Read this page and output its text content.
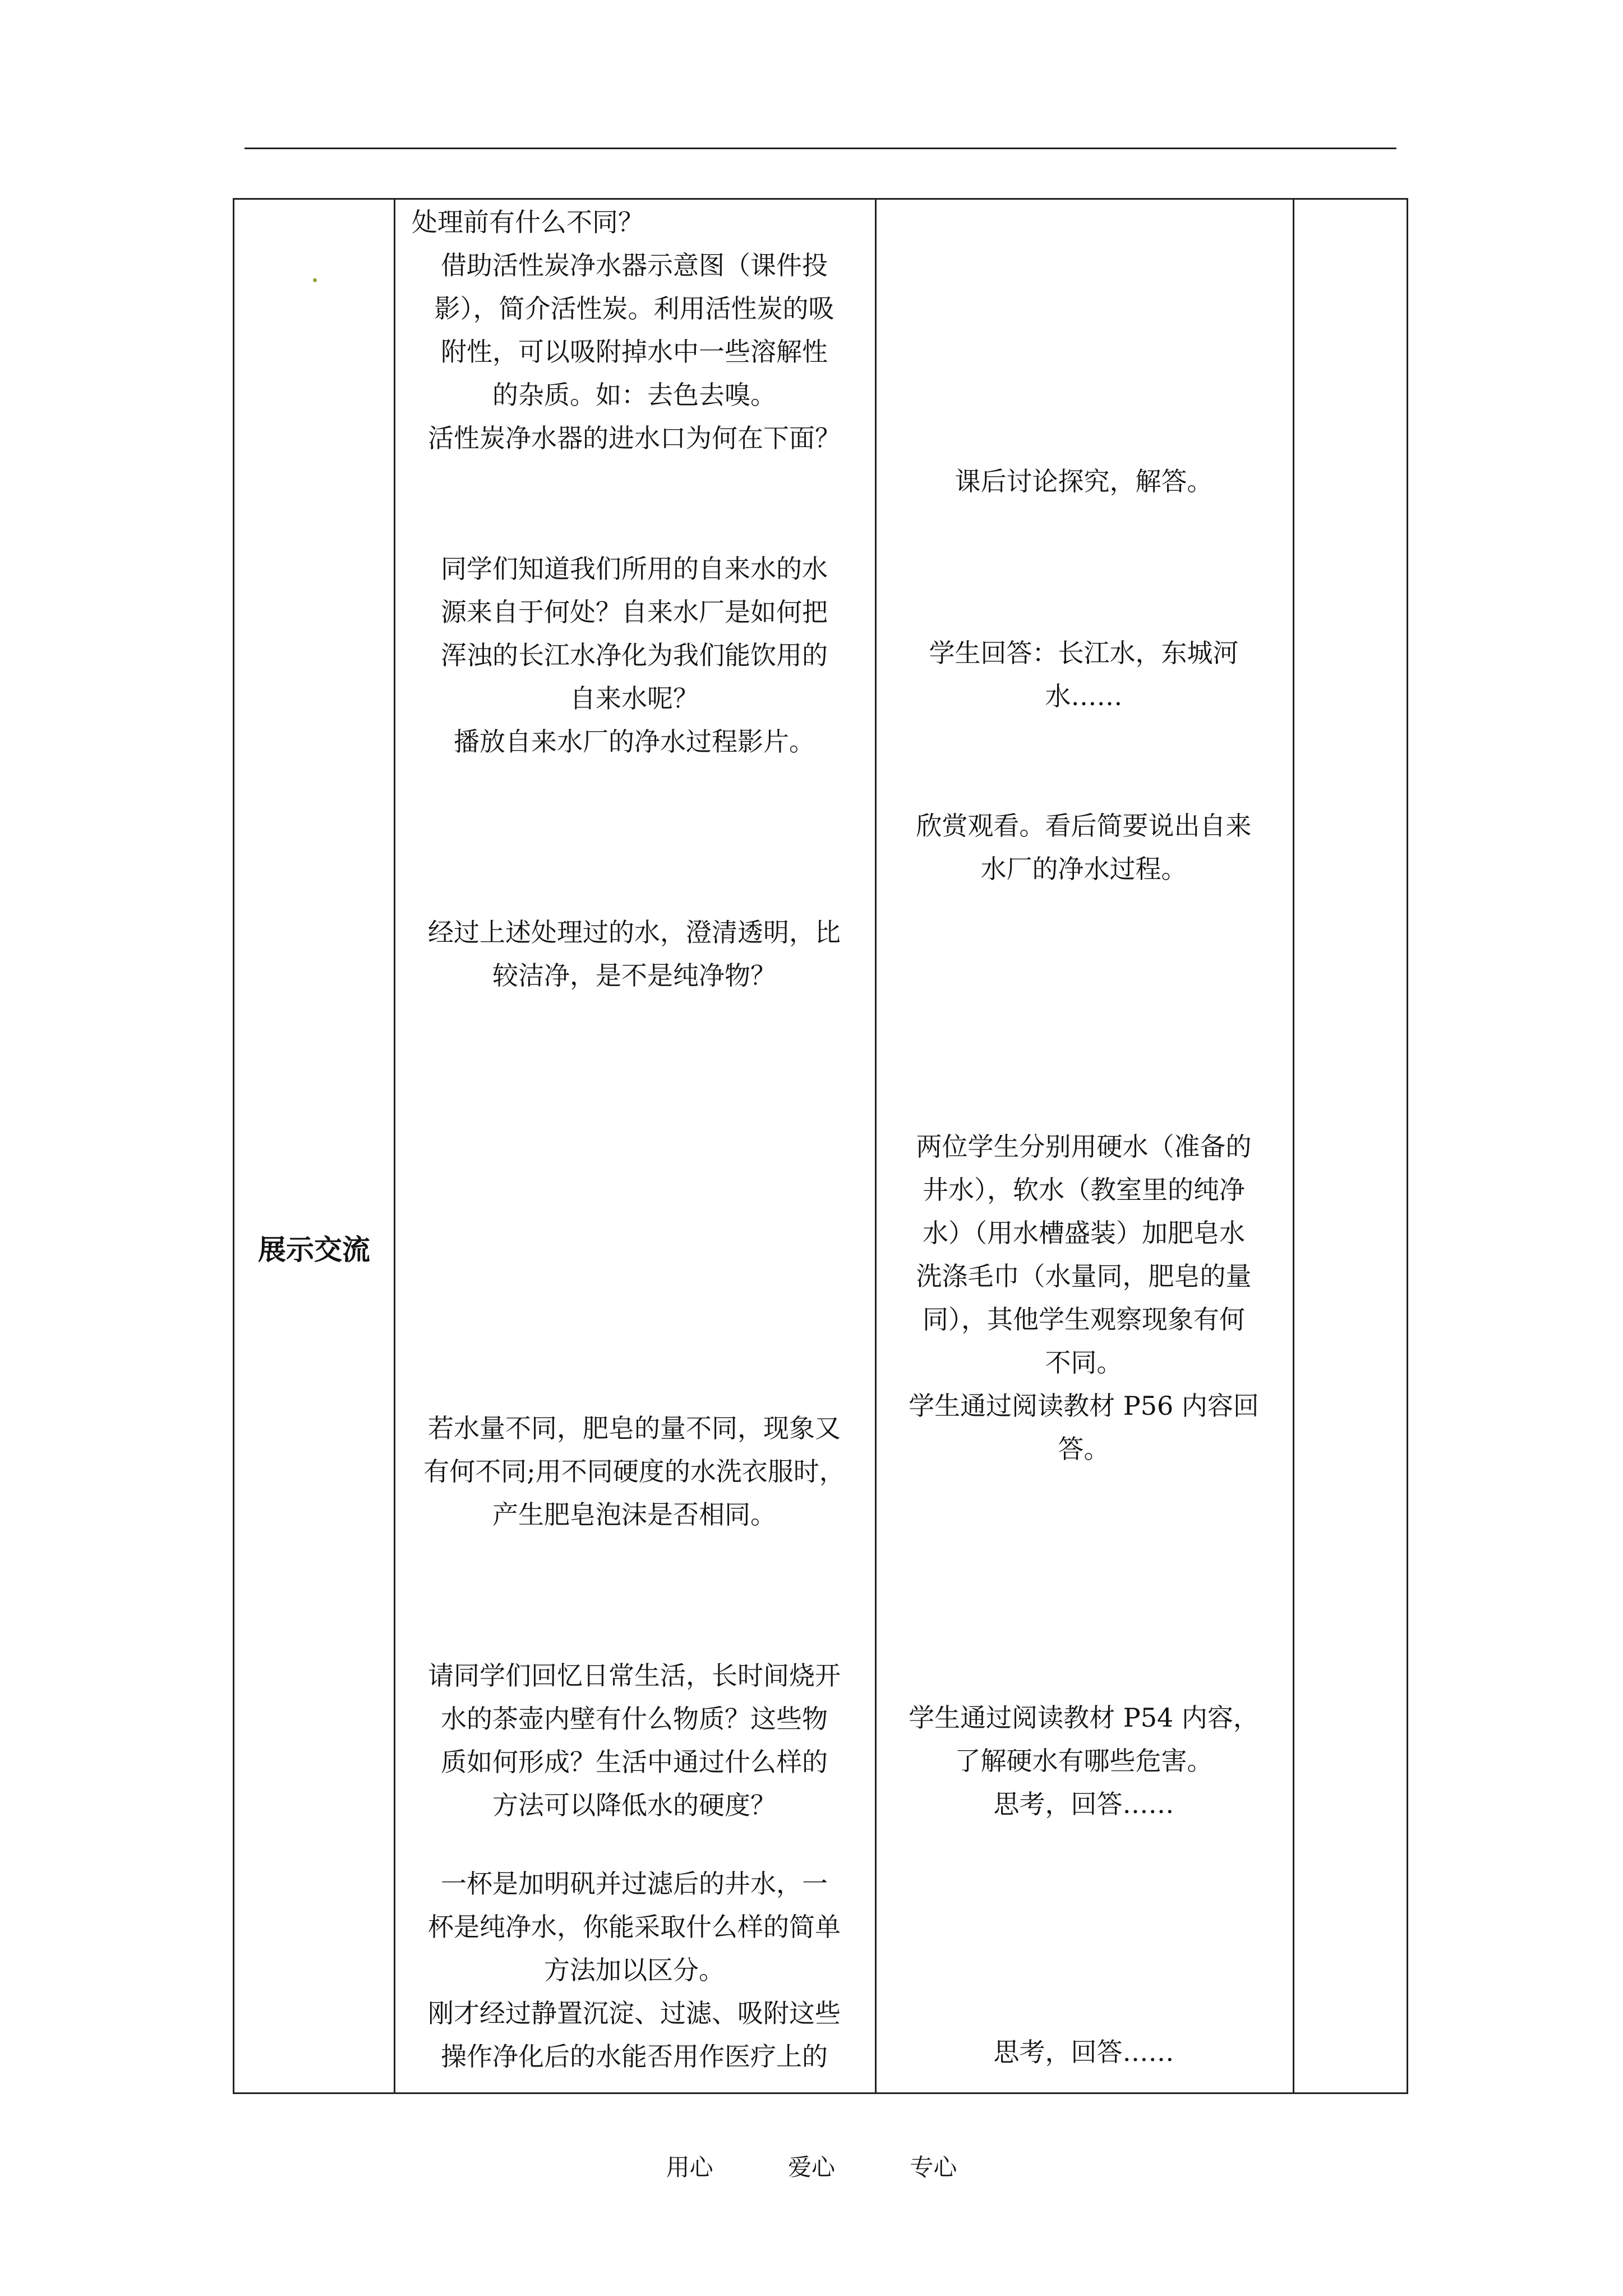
展示交流
处理前有什么不同？
借助活性炭净水器示意图（课件投
影），简介活性炭。利用活性炭的吸
附性，可以吸附掉水中一些溶解性
的杂质。如：去色去嗅。
活性炭净水器的进水口为何在下面？
同学们知道我们所用的自来水的水
源来自于何处？自来水厂是如何把
浑浊的长江水净化为我们能饮用的
自来水呢？
播放自来水厂的净水过程影片。
经过上述处理过的水，澄清透明，比
较洁净，是不是纯净物？
若水量不同，肥皂的量不同，现象又
有何不同;用不同硬度的水洗衣服时，
产生肥皂泡沫是否相同。
请同学们回忆日常生活，长时间烧开
水的茶壶内壁有什么物质？这些物
质如何形成？生活中通过什么样的
方法可以降低水的硬度？
一杯是加明矾并过滤后的井水，一
杯是纯净水，你能采取什么样的简单
方法加以区分。
刚才经过静置沉淀、过滤、吸附这些
操作净化后的水能否用作医疗上的
课后讨论探究，解答。
学生回答：长江水，东城河
水……
欣赏观看。看后简要说出自来
水厂的净水过程。
两位学生分别用硬水（准备的
井水），软水（教室里的纯净
水）（用水槽盛装）加肥皂水
洗涤毛巾（水量同，肥皂的量
同），其他学生观察现象有何
不同。
学生通过阅读教材 P56 内容回
答。
学生通过阅读教材 P54 内容，
了解硬水有哪些危害。
思考，回答……
思考，回答……
用心	爱心	专心
